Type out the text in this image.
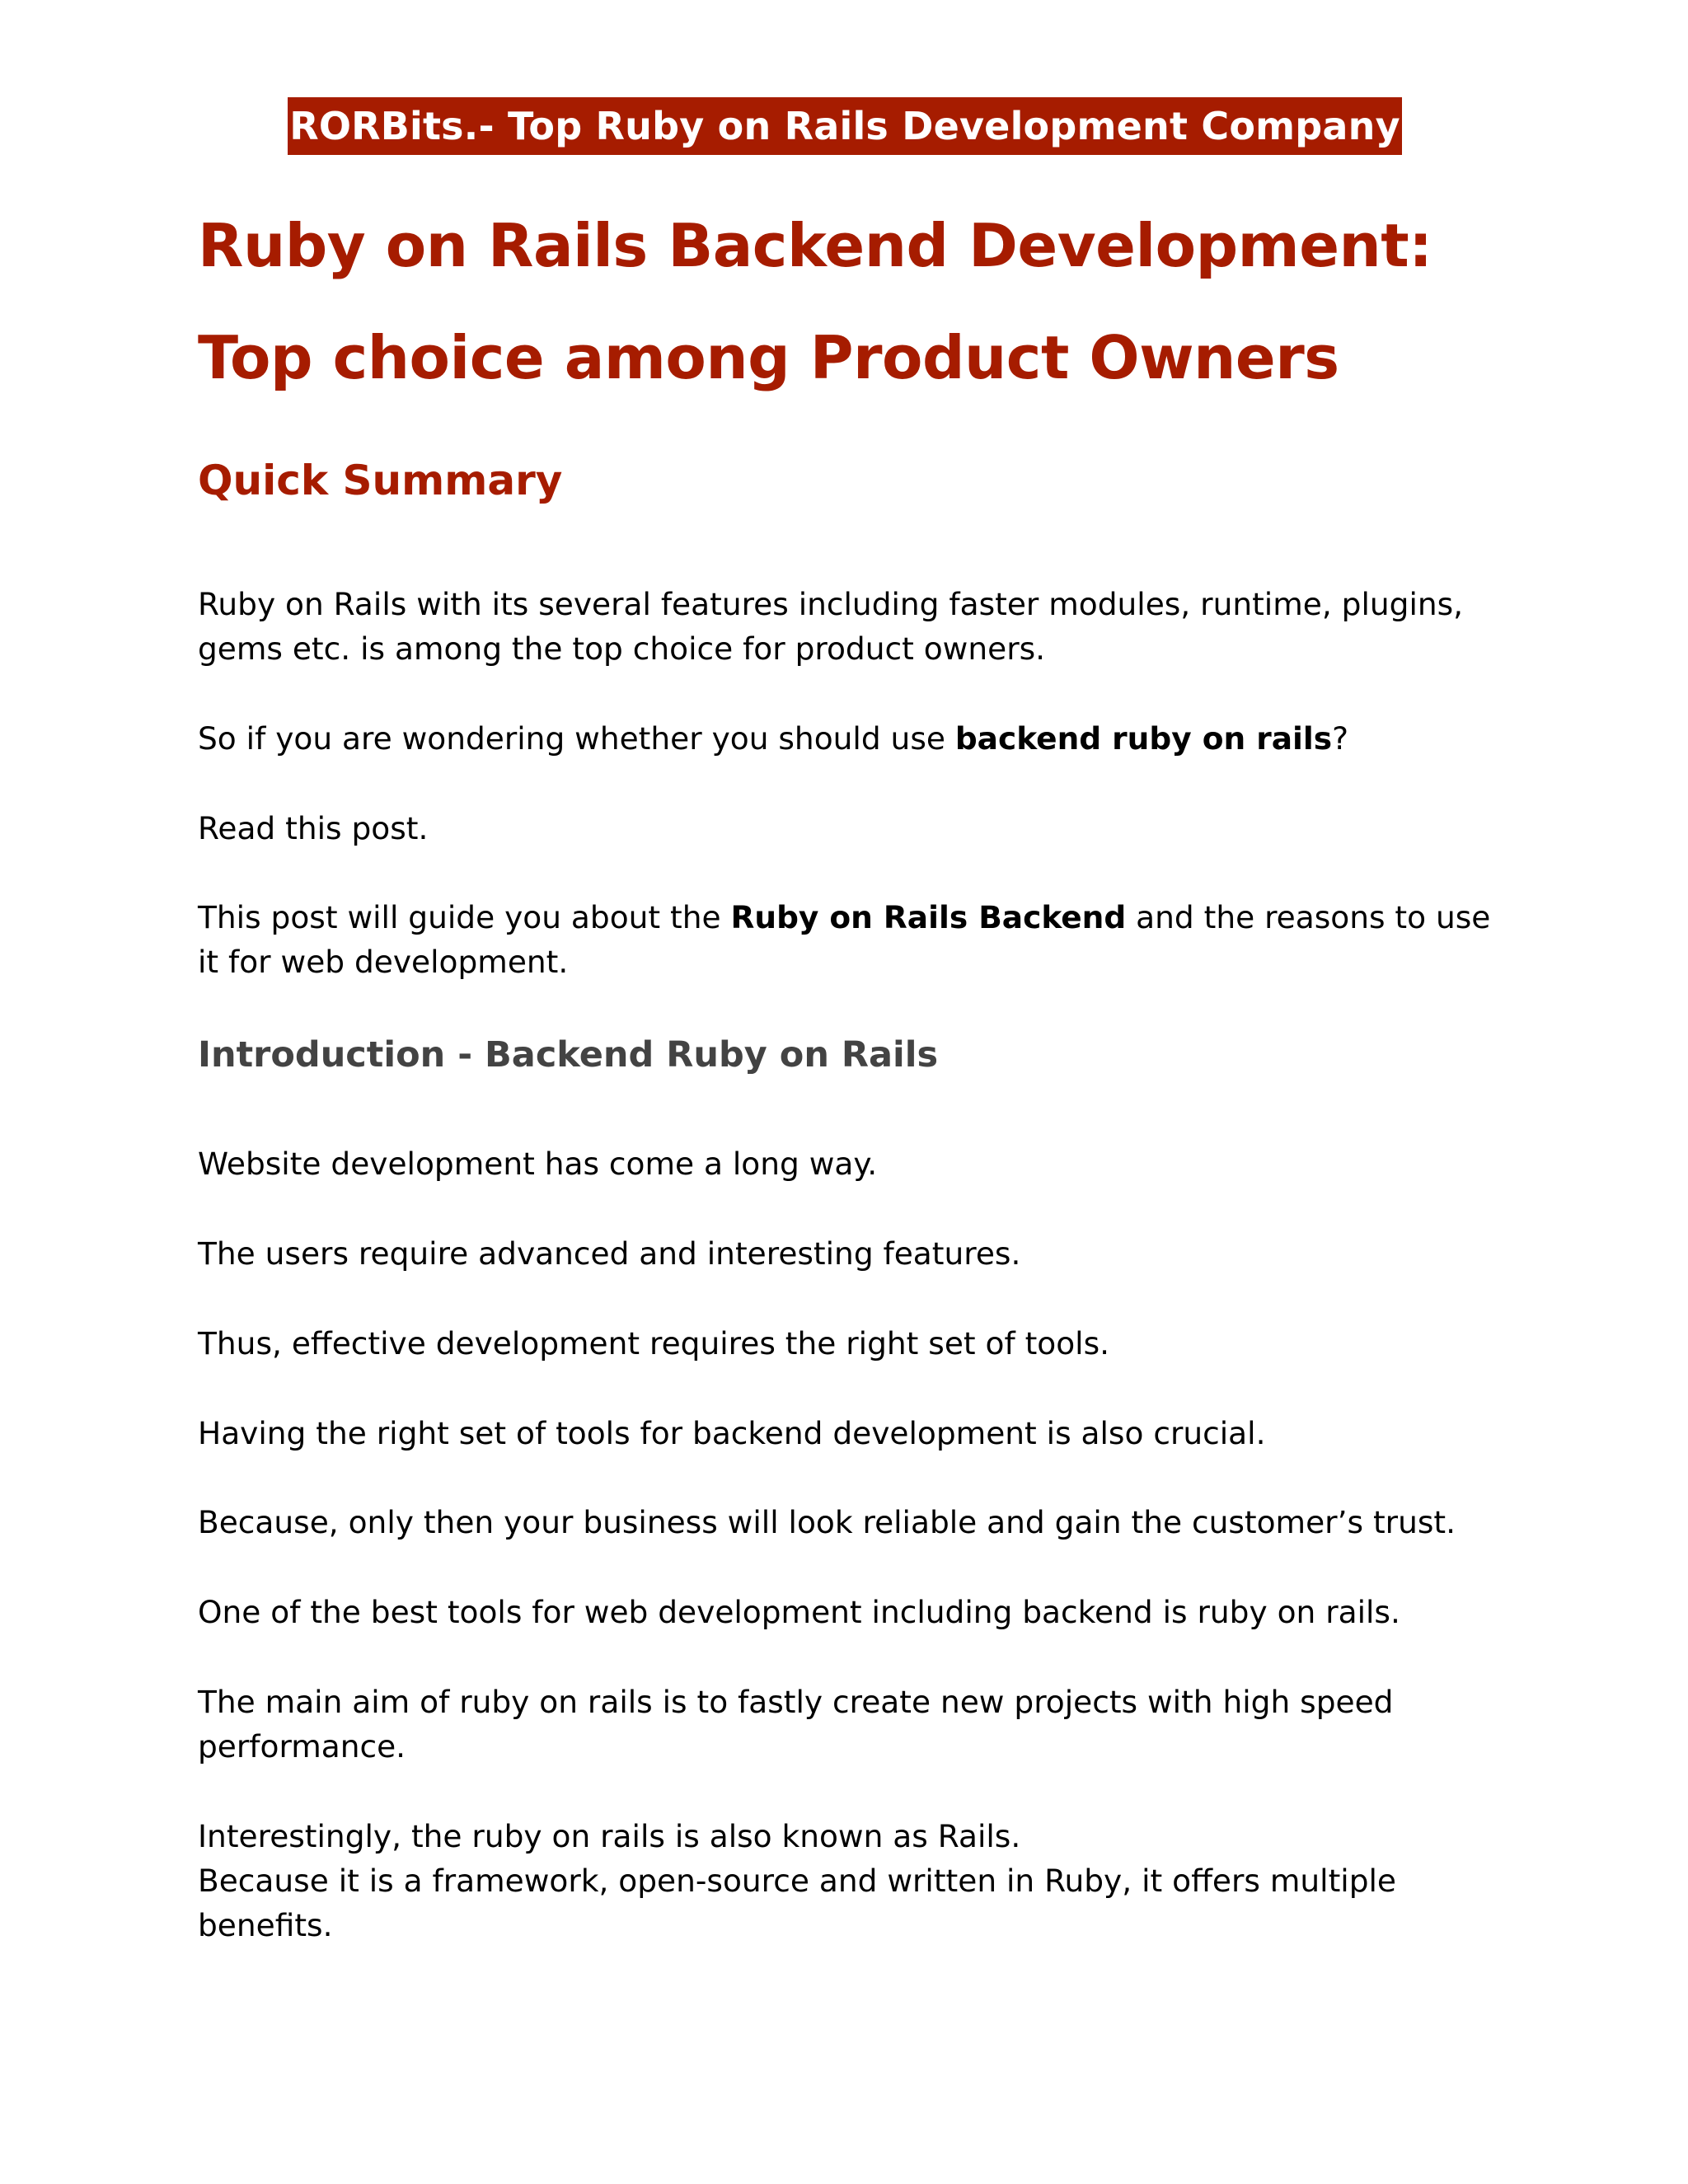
RORBits.- Top Ruby on Rails Development Company
Ruby on Rails Backend Development: Top choice among Product Owners
Quick Summary

Ruby on Rails with its several features including faster modules, runtime, plugins, gems etc. is among the top choice for product owners.

So if you are wondering whether you should use backend ruby on rails?

Read this post.

This post will guide you about the Ruby on Rails Backend and the reasons to use it for web development.

Introduction - Backend Ruby on Rails

Website development has come a long way.

The users require advanced and interesting features.

Thus, effective development requires the right set of tools.

Having the right set of tools for backend development is also crucial.

Because, only then your business will look reliable and gain the customer’s trust.

One of the best tools for web development including backend is ruby on rails.

The main aim of ruby on rails is to fastly create new projects with high speed performance.

Interestingly, the ruby on rails is also known as Rails.
Because it is a framework, open-source and written in Ruby, it offers multiple benefits.
